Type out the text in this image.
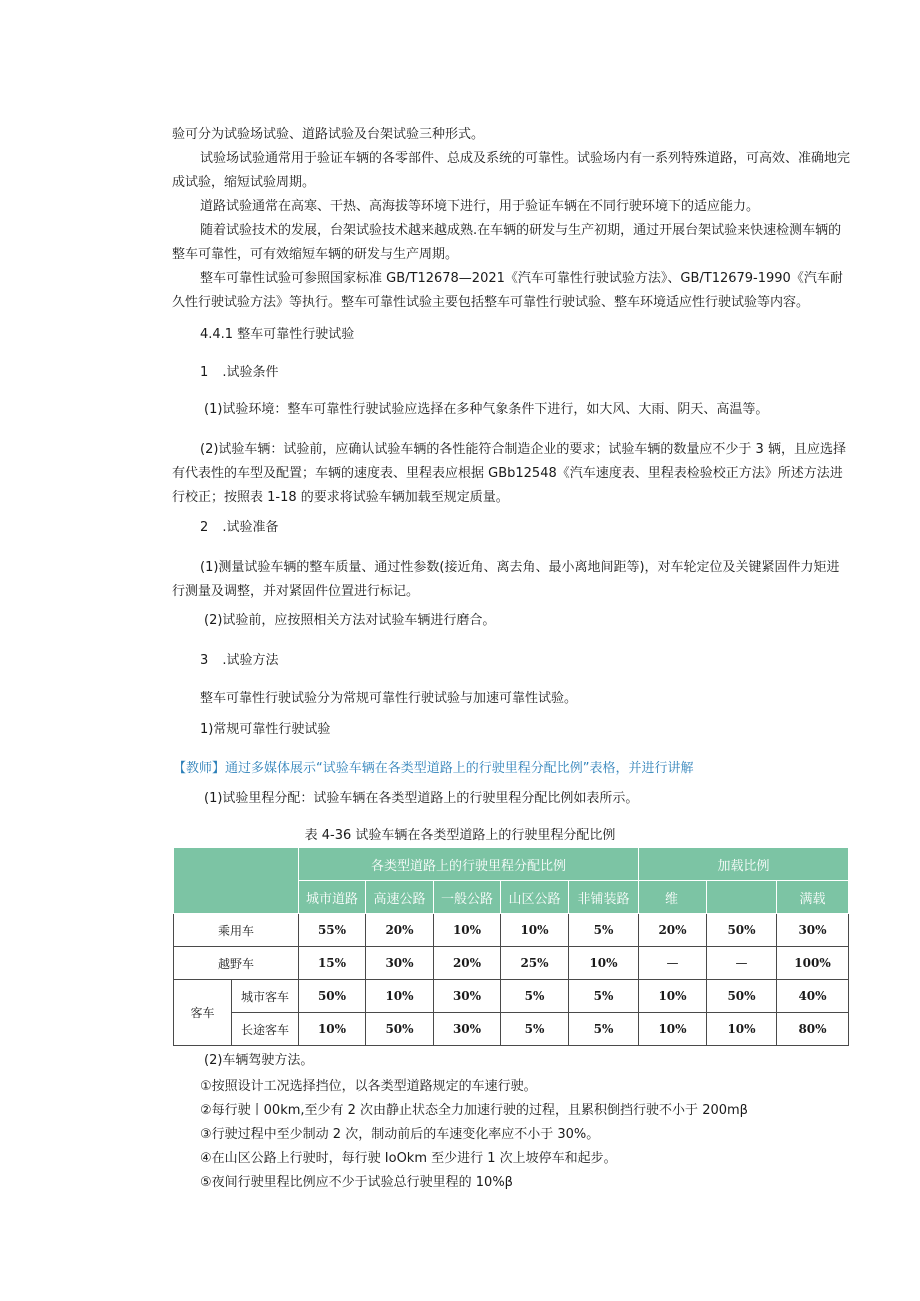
验可分为试验场试验、道路试验及台架试验三种形式。
试验场试验通常用于验证车辆的各零部件、总成及系统的可靠性。试验场内有一系列特殊道路，可高效、准确地完成试验，缩短试验周期。
道路试验通常在高寒、干热、高海拔等环境下进行，用于验证车辆在不同行驶环境下的适应能力。
随着试验技术的发展，台架试验技术越来越成熟.在车辆的研发与生产初期，通过开展台架试验来快速检测车辆的整车可靠性，可有效缩短车辆的研发与生产周期。
整车可靠性试验可参照国家标准 GB/T12678—2021《汽车可靠性行驶试验方法》、GB/T12679-1990《汽车耐久性行驶试验方法》等执行。整车可靠性试验主要包括整车可靠性行驶试验、整车环境适应性行驶试验等内容。
4.4.1 整车可靠性行驶试验
1 .试验条件
(1)试验环境：整车可靠性行驶试验应选择在多种气象条件下进行，如大风、大雨、阴天、高温等。
(2)试验车辆：试验前，应确认试验车辆的各性能符合制造企业的要求；试验车辆的数量应不少于 3 辆，且应选择有代表性的车型及配置；车辆的速度表、里程表应根据 GBb12548《汽车速度表、里程表检验校正方法》所述方法进行校正；按照表 1-18 的要求将试验车辆加载至规定质量。
2 .试验准备
(1)测量试验车辆的整车质量、通过性参数(接近角、离去角、最小离地间距等)，对车轮定位及关键紧固件力矩进行测量及调整，并对紧固件位置进行标记。
(2)试验前，应按照相关方法对试验车辆进行磨合。
3 .试验方法
整车可靠性行驶试验分为常规可靠性行驶试验与加速可靠性试验。
1)常规可靠性行驶试验
【教师】通过多媒体展示“试验车辆在各类型道路上的行驶里程分配比例”表格，并进行讲解
(1)试验里程分配：试验车辆在各类型道路上的行驶里程分配比例如表所示。
表 4-36 试验车辆在各类型道路上的行驶里程分配比例
		各类型道路上的行驶里程分配比例					加载比例		
		城市道路	高速公路	一般公路	山区公路	非铺装路	维		满载
乘用车		55%	20%	10%	10%	5%	20%	50%	30%
越野车		15%	30%	20%	25%	10%	—	—	100%
客车	城市客车	50%	10%	30%	5%	5%	10%	50%	40%
	长途客车	10%	50%	30%	5%	5%	10%	10%	80%
(2)车辆驾驶方法。
①按照设计工况选择挡位，以各类型道路规定的车速行驶。
②每行驶丨00km,至少有 2 次由静止状态全力加速行驶的过程，且累积倒挡行驶不小于 200mβ
③行驶过程中至少制动 2 次，制动前后的车速变化率应不小于 30%。
④在山区公路上行驶时，每行驶 IoOkm 至少进行 1 次上坡停车和起步。
⑤夜间行驶里程比例应不少于试验总行驶里程的 10%β
